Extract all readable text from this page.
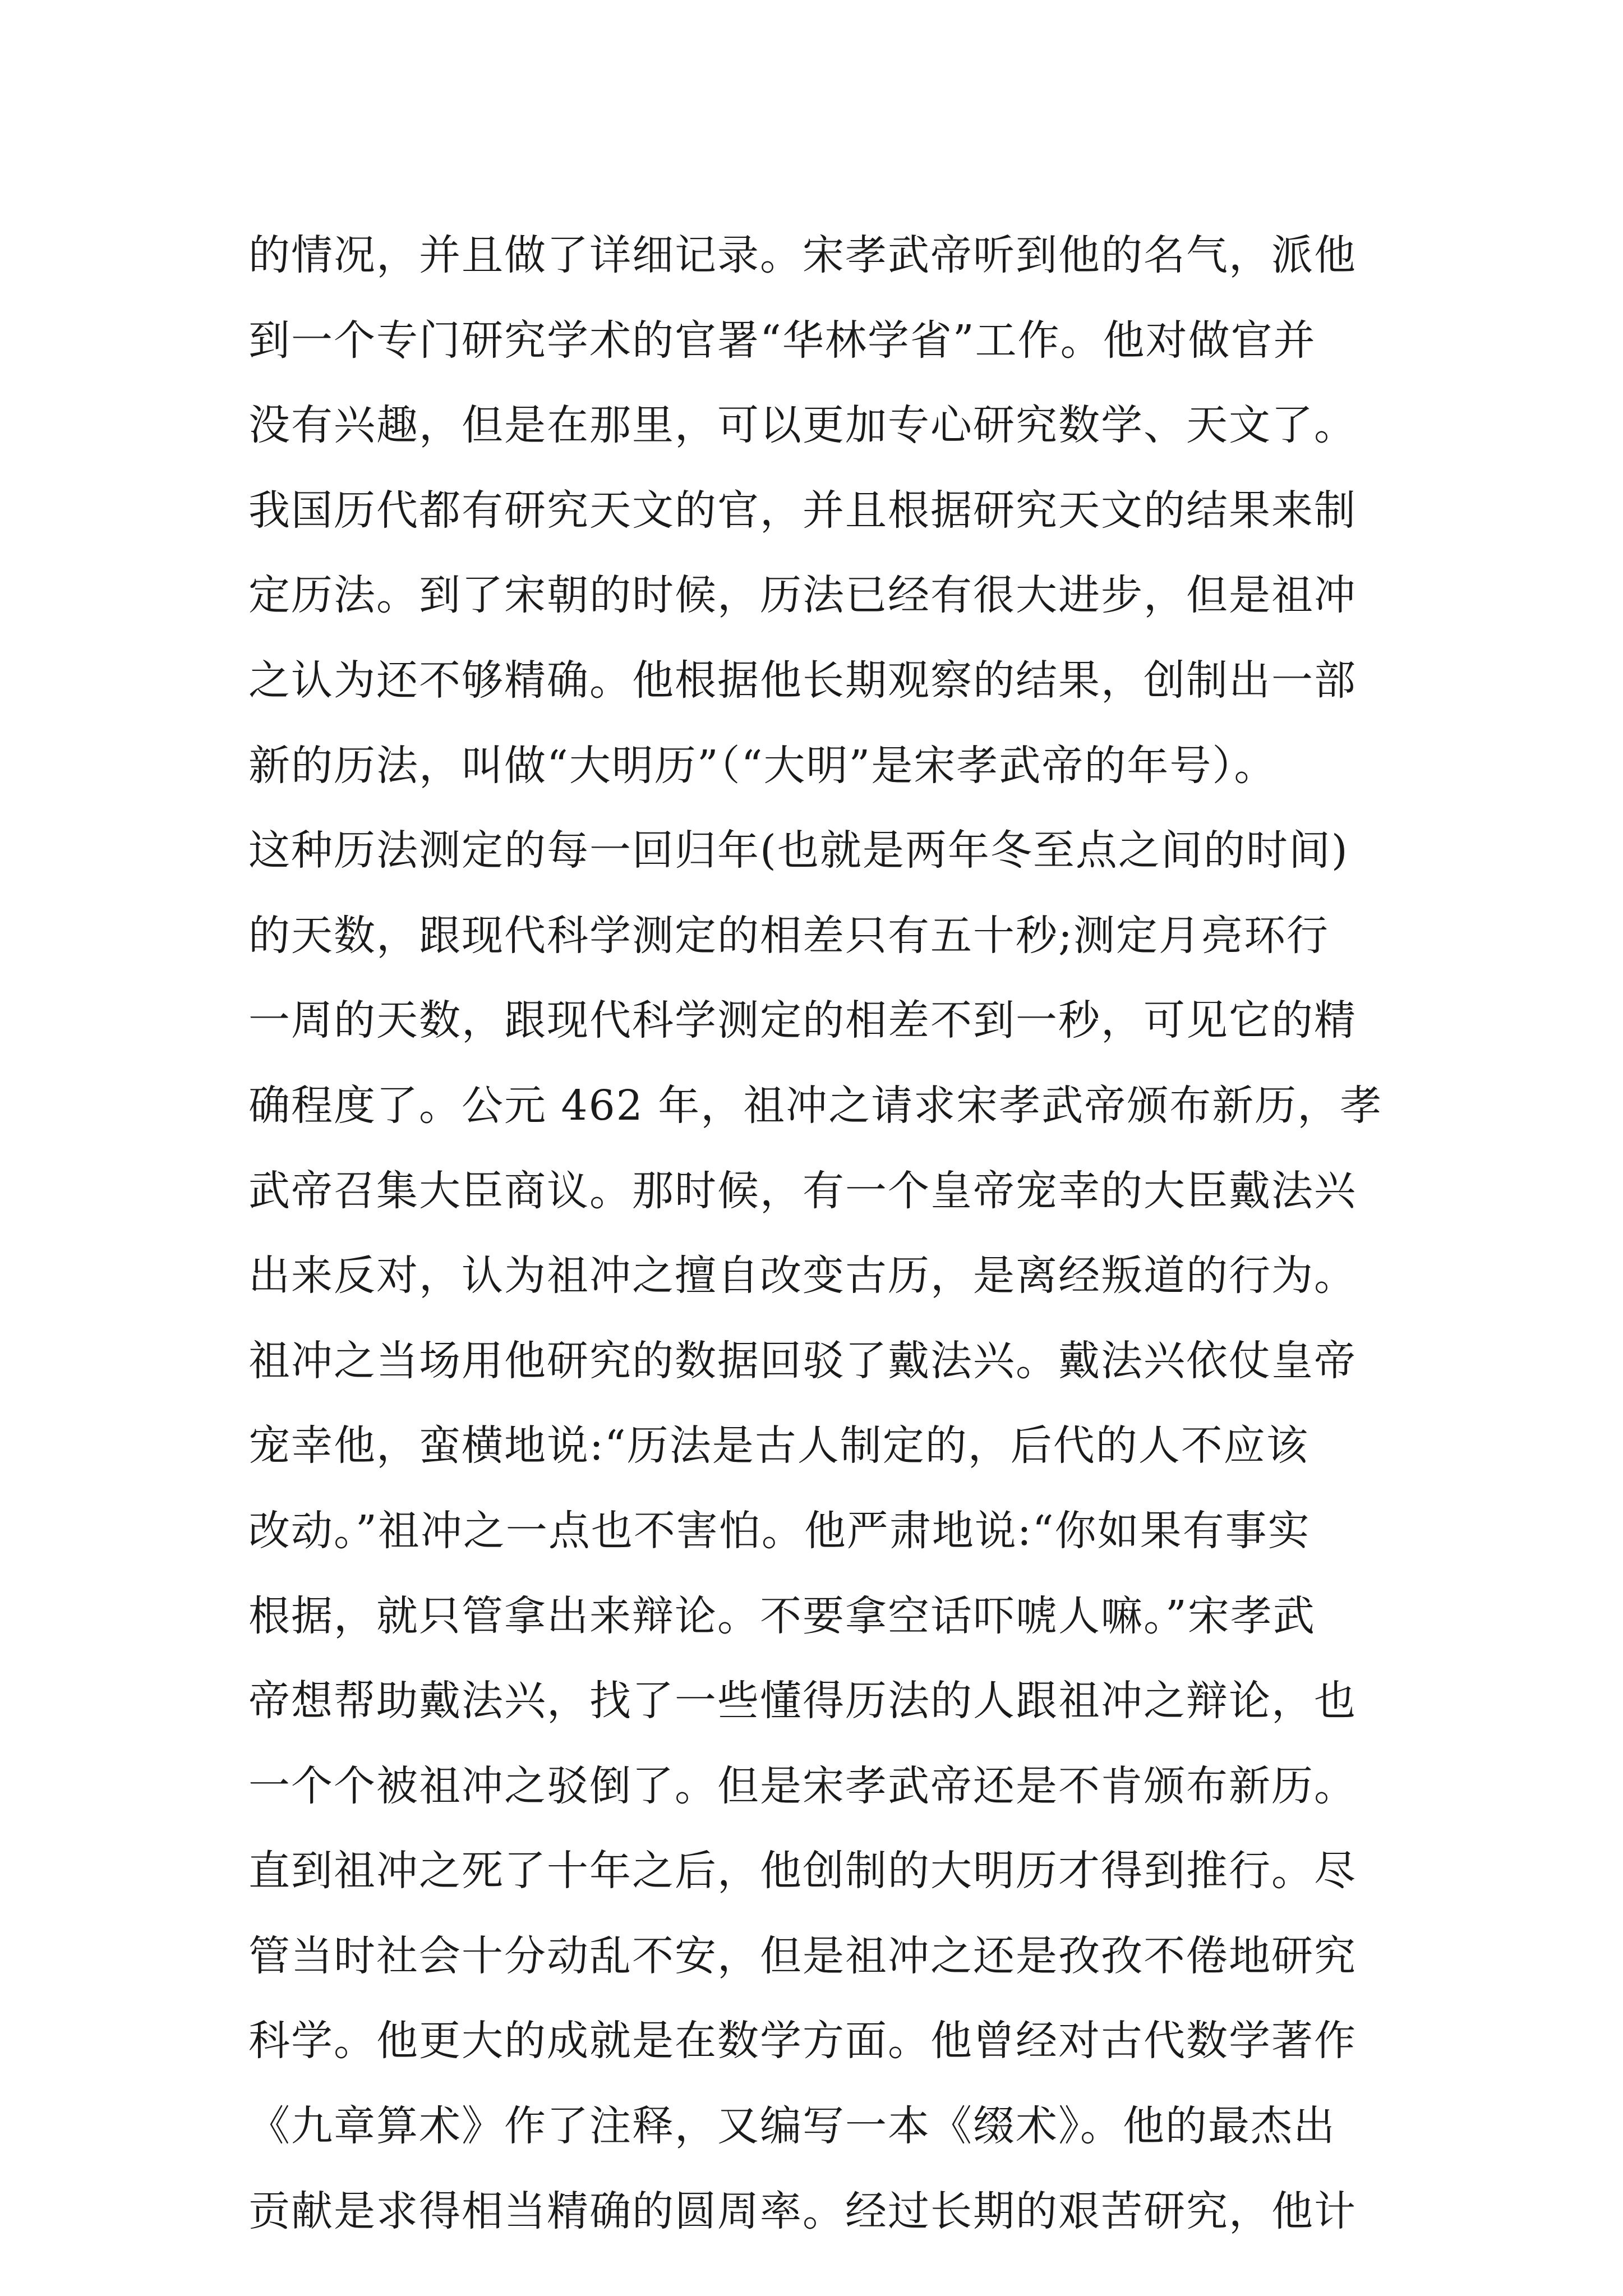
的情况，并且做了详细记录。宋孝武帝听到他的名气，派他
到一个专门研究学术的官署“华林学省”工作。他对做官并
没有兴趣，但是在那里，可以更加专心研究数学、天文了。
我国历代都有研究天文的官，并且根据研究天文的结果来制
定历法。到了宋朝的时候，历法已经有很大进步，但是祖冲
之认为还不够精确。他根据他长期观察的结果，创制出一部
新的历法，叫做“大明历”（“大明”是宋孝武帝的年号）。
这种历法测定的每一回归年(也就是两年冬至点之间的时间)
的天数，跟现代科学测定的相差只有五十秒;测定月亮环行
一周的天数，跟现代科学测定的相差不到一秒，可见它的精
确程度了。公元 462 年，祖冲之请求宋孝武帝颁布新历，孝
武帝召集大臣商议。那时候，有一个皇帝宠幸的大臣戴法兴
出来反对，认为祖冲之擅自改变古历，是离经叛道的行为。
祖冲之当场用他研究的数据回驳了戴法兴。戴法兴依仗皇帝
宠幸他，蛮横地说:“历法是古人制定的，后代的人不应该
改动。”祖冲之一点也不害怕。他严肃地说:“你如果有事实
根据，就只管拿出来辩论。不要拿空话吓唬人嘛。”宋孝武
帝想帮助戴法兴，找了一些懂得历法的人跟祖冲之辩论，也
一个个被祖冲之驳倒了。但是宋孝武帝还是不肯颁布新历。
直到祖冲之死了十年之后，他创制的大明历才得到推行。尽
管当时社会十分动乱不安，但是祖冲之还是孜孜不倦地研究
科学。他更大的成就是在数学方面。他曾经对古代数学著作
《九章算术》作了注释，又编写一本《缀术》。他的最杰出
贡献是求得相当精确的圆周率。经过长期的艰苦研究，他计
